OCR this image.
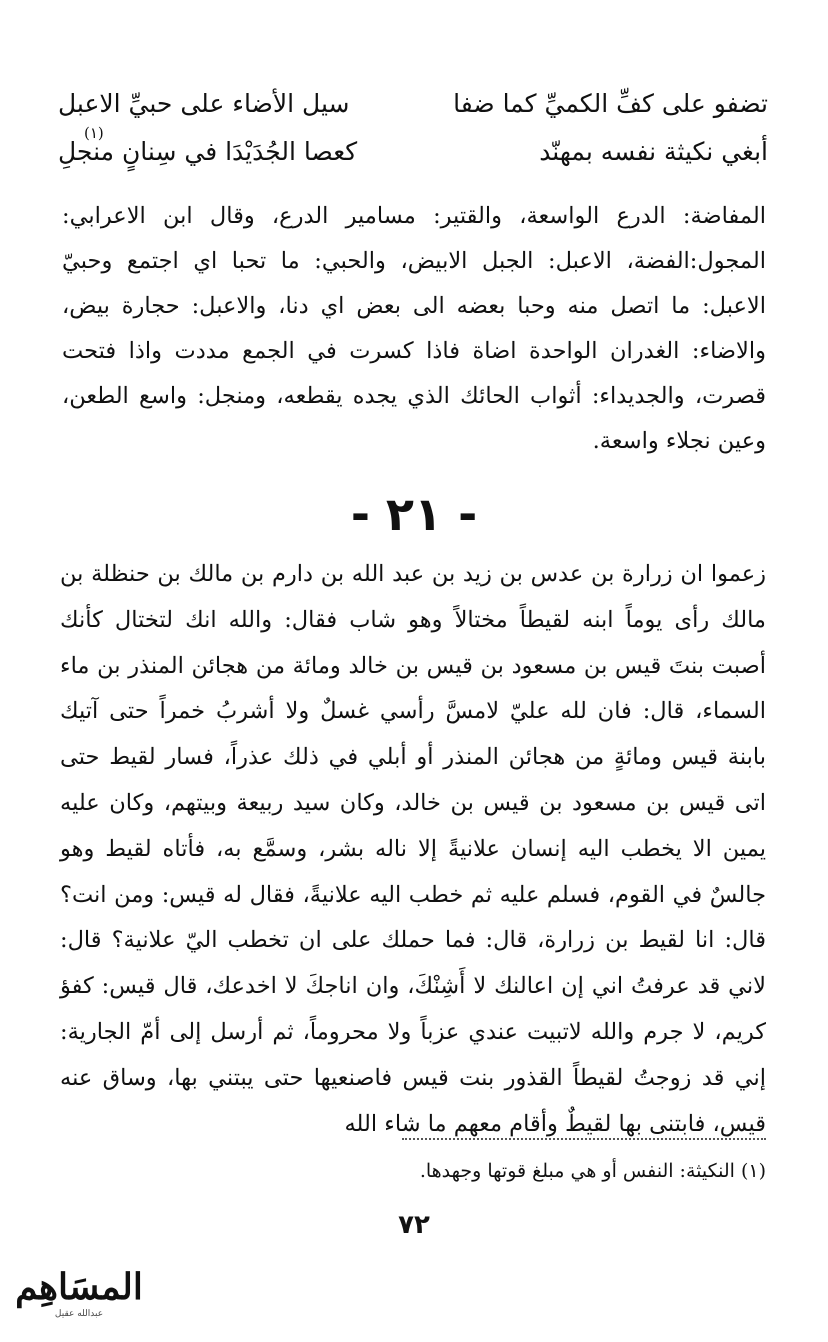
تضفو على كفِّ الكميِّ كما ضفا
سيل الأضاء على حبيِّ الاعبل
أبغي نكيثة نفسه بمهنّد
كعصا الجُدَيْدَا في سِنانٍ منجلِ
(١)

المفاضة: الدرع الواسعة، والقتير: مسامير الدرع، وقال ابن الاعرابي: المجول:الفضة، الاعبل: الجبل الابيض، والحبي: ما تحبا اي اجتمع وحبيّ الاعبل: ما اتصل منه وحبا بعضه الى بعض اي دنا، والاعبل: حجارة بيض، والاضاء: الغدران الواحدة اضاة فاذا كسرت في الجمع مددت واذا فتحت قصرت، والجديداء: أثواب الحائك الذي يجده يقطعه، ومنجل: واسع الطعن، وعين نجلاء واسعة.

- ٢١ -

زعموا ان زرارة بن عدس بن زيد بن عبد الله بن دارم بن مالك بن حنظلة بن مالك رأى يوماً ابنه لقيطاً مختالاً وهو شاب فقال: والله انك لتختال كأنك أصبت بنتَ قيس بن مسعود بن قيس بن خالد ومائة من هجائن المنذر بن ماء السماء، قال: فان لله عليّ لامسَّ رأسي غسلٌ ولا أشربُ خمراً حتى آتيك بابنة قيس ومائةٍ من هجائن المنذر أو أبلي في ذلك عذراً، فسار لقيط حتى اتى قيس بن مسعود بن قيس بن خالد، وكان سيد ربيعة وبيتهم، وكان عليه يمين الا يخطب اليه إنسان علانيةً إلا ناله بشر، وسمَّع به، فأتاه لقيط وهو جالسٌ في القوم، فسلم عليه ثم خطب اليه علانيةً، فقال له قيس: ومن انت؟ قال: انا لقيط بن زرارة، قال: فما حملك على ان تخطب اليّ علانية؟ قال: لاني قد عرفتُ اني إن اعالنك لا أَشِنْكَ، وان اناجكَ لا اخدعك، قال قيس: كفؤ كريم، لا جرم والله لاتبيت عندي عزباً ولا محروماً، ثم أرسل إلى أمّ الجارية: إني قد زوجتُ لقيطاً القذور بنت قيس فاصنعيها حتى يبتني بها، وساق عنه قيس، فابتنى بها لقيطٌ وأقام معهم ما شاء الله

(١) النكيثة: النفس أو هي مبلغ قوتها وجهدها.

٧٢
المسَاهِم
عبدالله عقيل
